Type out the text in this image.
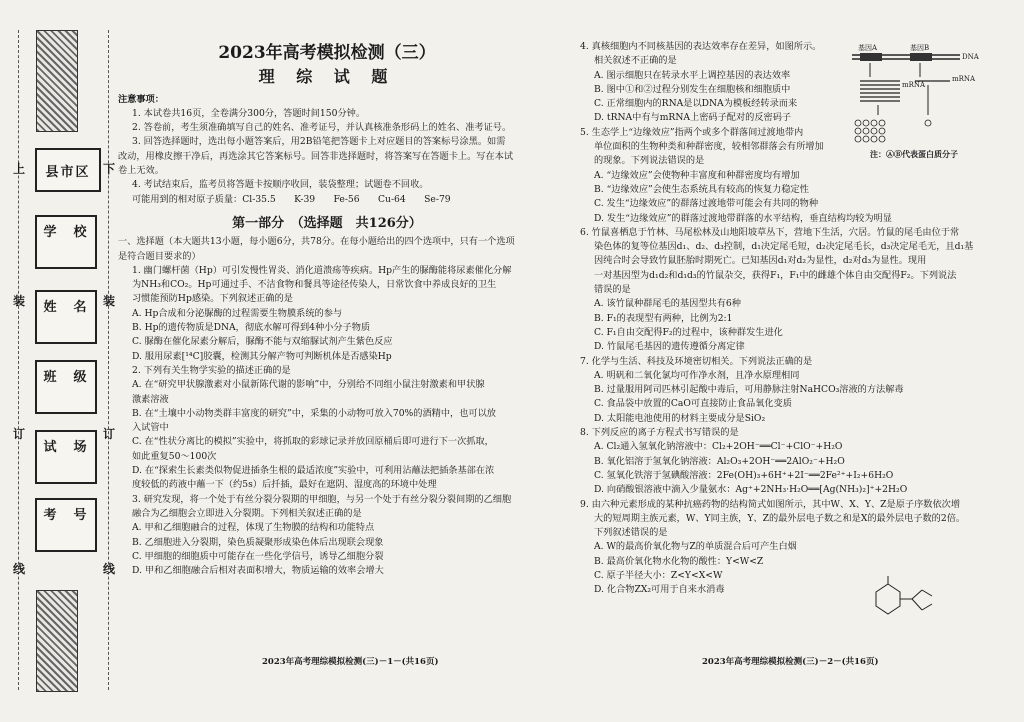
上	下
装	装
订	订
线	线
县市区
学　校
姓　名
班　级
试　场
考　号
2023年高考模拟检测（三）
理 综 试 题
注意事项：
1. 本试卷共16页，全卷满分300分，答题时间150分钟。
2. 答卷前，考生须准确填写自己的姓名、准考证号，并认真核准条形码上的姓名、准考证号。
3. 回答选择题时，选出每小题答案后，用2B铅笔把答题卡上对应题目的答案标号涂黑。如需
改动，用橡皮擦干净后，再选涂其它答案标号。回答非选择题时，将答案写在答题卡上。写在本试
卷上无效。
4. 考试结束后，监考员将答题卡按顺序收回，装袋整理；试题卷不回收。
可能用到的相对原子质量：Cl-35.5　　K-39　　Fe-56　　Cu-64　　Se-79
第一部分　（选择题　共126分）
一、选择题（本大题共13小题，每小题6分，共78分。在每小题给出的四个选项中，只有一个选项
是符合题目要求的）
1. 幽门螺杆菌（Hp）可引发慢性胃炎、消化道溃疡等疾病。Hp产生的脲酶能将尿素催化分解
为NH₃和CO₂。Hp可通过手、不洁食物和餐具等途径传染人，日常饮食中养成良好的卫生
习惯能预防Hp感染。下列叙述正确的是
A. Hp合成和分泌脲酶的过程需要生物膜系统的参与
B. Hp的遗传物质是DNA，彻底水解可得到4种小分子物质
C. 脲酶在催化尿素分解后，脲酶不能与双缩脲试剂产生紫色反应
D. 服用尿素[¹⁴C]胶囊，检测其分解产物可判断机体是否感染Hp
2. 下列有关生物学实验的描述正确的是
A. 在“研究甲状腺激素对小鼠新陈代谢的影响”中，分别给不同组小鼠注射激素和甲状腺
激素溶液
B. 在“土壤中小动物类群丰富度的研究”中，采集的小动物可放入70%的酒精中，也可以放
入试管中
C. 在“性状分离比的模拟”实验中，将抓取的彩球记录并放回原桶后即可进行下一次抓取，
如此重复50～100次
D. 在“探索生长素类似物促进插条生根的最适浓度”实验中，可利用沾蘸法把插条基部在浓
度较低的药液中蘸一下（约5s）后扦插，最好在遮阴、湿度高的环境中处理
3. 研究发现，将一个处于有丝分裂分裂期的甲细胞，与另一个处于有丝分裂分裂间期的乙细胞
融合为乙细胞会立即进入分裂期。下列相关叙述正确的是
A. 甲和乙细胞融合的过程，体现了生物膜的结构和功能特点
B. 乙细胞进入分裂期，染色质凝聚形成染色体后出现联会现象
C. 甲细胞的细胞质中可能存在一些化学信号，诱导乙细胞分裂
D. 甲和乙细胞融合后相对表面积增大，物质运输的效率会增大
4. 真核细胞内不同核基因的表达效率存在差异，如图所示。
相关叙述不正确的是
A. 图示细胞只在转录水平上调控基因的表达效率
B. 图中①和②过程分别发生在细胞核和细胞质中
C. 正常细胞内的RNA是以DNA为模板经转录而来
D. tRNA中有与mRNA上密码子配对的反密码子
5. 生态学上“边缘效应”指两个或多个群落间过渡地带内
单位面积的生物种类和种群密度，较相邻群落会有所增加
的现象。下列说法错误的是
A. “边缘效应”会使物种丰富度和种群密度均有增加
B. “边缘效应”会使生态系统具有较高的恢复力稳定性
C. 发生“边缘效应”的群落过渡地带可能会有共同的物种
D. 发生“边缘效应”的群落过渡地带群落的水平结构，垂直结构均较为明显
6. 竹鼠喜栖息于竹林、马尾松林及山地阳坡草丛下，营地下生活，穴居。竹鼠的尾毛由位于常
染色体的复等位基因d₁、d₂、d₃控制，d₁决定尾毛短，d₂决定尾毛长，d₃决定尾毛无，且d₁基
因纯合时会导致竹鼠胚胎时期死亡。已知基因d₁对d₂为显性，d₂对d₃为显性。现用
一对基因型为d₁d₂和d₁d₃的竹鼠杂交，获得F₁，F₁中的雌雄个体自由交配得F₂。下列说法
错误的是
A. 该竹鼠种群尾毛的基因型共有6种
B. F₁的表现型有两种，比例为2:1
C. F₁自由交配得F₂的过程中，该种群发生进化
D. 竹鼠尾毛基因的遗传遵循分离定律
7. 化学与生活、科技及环境密切相关。下列说法正确的是
A. 明矾和二氧化氯均可作净水剂，且净水原理相同
B. 过量服用阿司匹林引起酸中毒后，可用静脉注射NaHCO₃溶液的方法解毒
C. 食品袋中放置的CaO可直接防止食品氧化变质
D. 太阳能电池使用的材料主要成分是SiO₂
8. 下列反应的离子方程式书写错误的是
A. Cl₂通入氢氧化钠溶液中：Cl₂+2OH⁻══Cl⁻+ClO⁻+H₂O
B. 氧化铝溶于氢氧化钠溶液：Al₂O₃+2OH⁻══2AlO₂⁻+H₂O
C. 氢氧化铁溶于氢碘酸溶液：2Fe(OH)₃+6H⁺+2I⁻══2Fe²⁺+I₂+6H₂O
D. 向硝酸银溶液中滴入少量氨水：Ag⁺+2NH₃·H₂O══[Ag(NH₃)₂]⁺+2H₂O
9. 由六种元素形成的某种抗癌药物的结构简式如图所示，其中W、X、Y、Z是原子序数依次增
大的短周期主族元素，W、Y同主族，Y、Z的最外层电子数之和是X的最外层电子数的2倍。
下列叙述错误的是
A. W的最高价氧化物与Z的单质混合后可产生白烟
B. 最高价氧化物水化物的酸性：Y<W<Z
C. 原子半径大小：Z<Y<X<W
D. 化合物ZX₂可用于自来水消毒
基因A	基因B
DNA
mRNA
mRNA
注：ⒶⒷ代表蛋白质分子
2023年高考理综模拟检测(三)－1－(共16页)	2023年高考理综模拟检测(三)－2－(共16页)
